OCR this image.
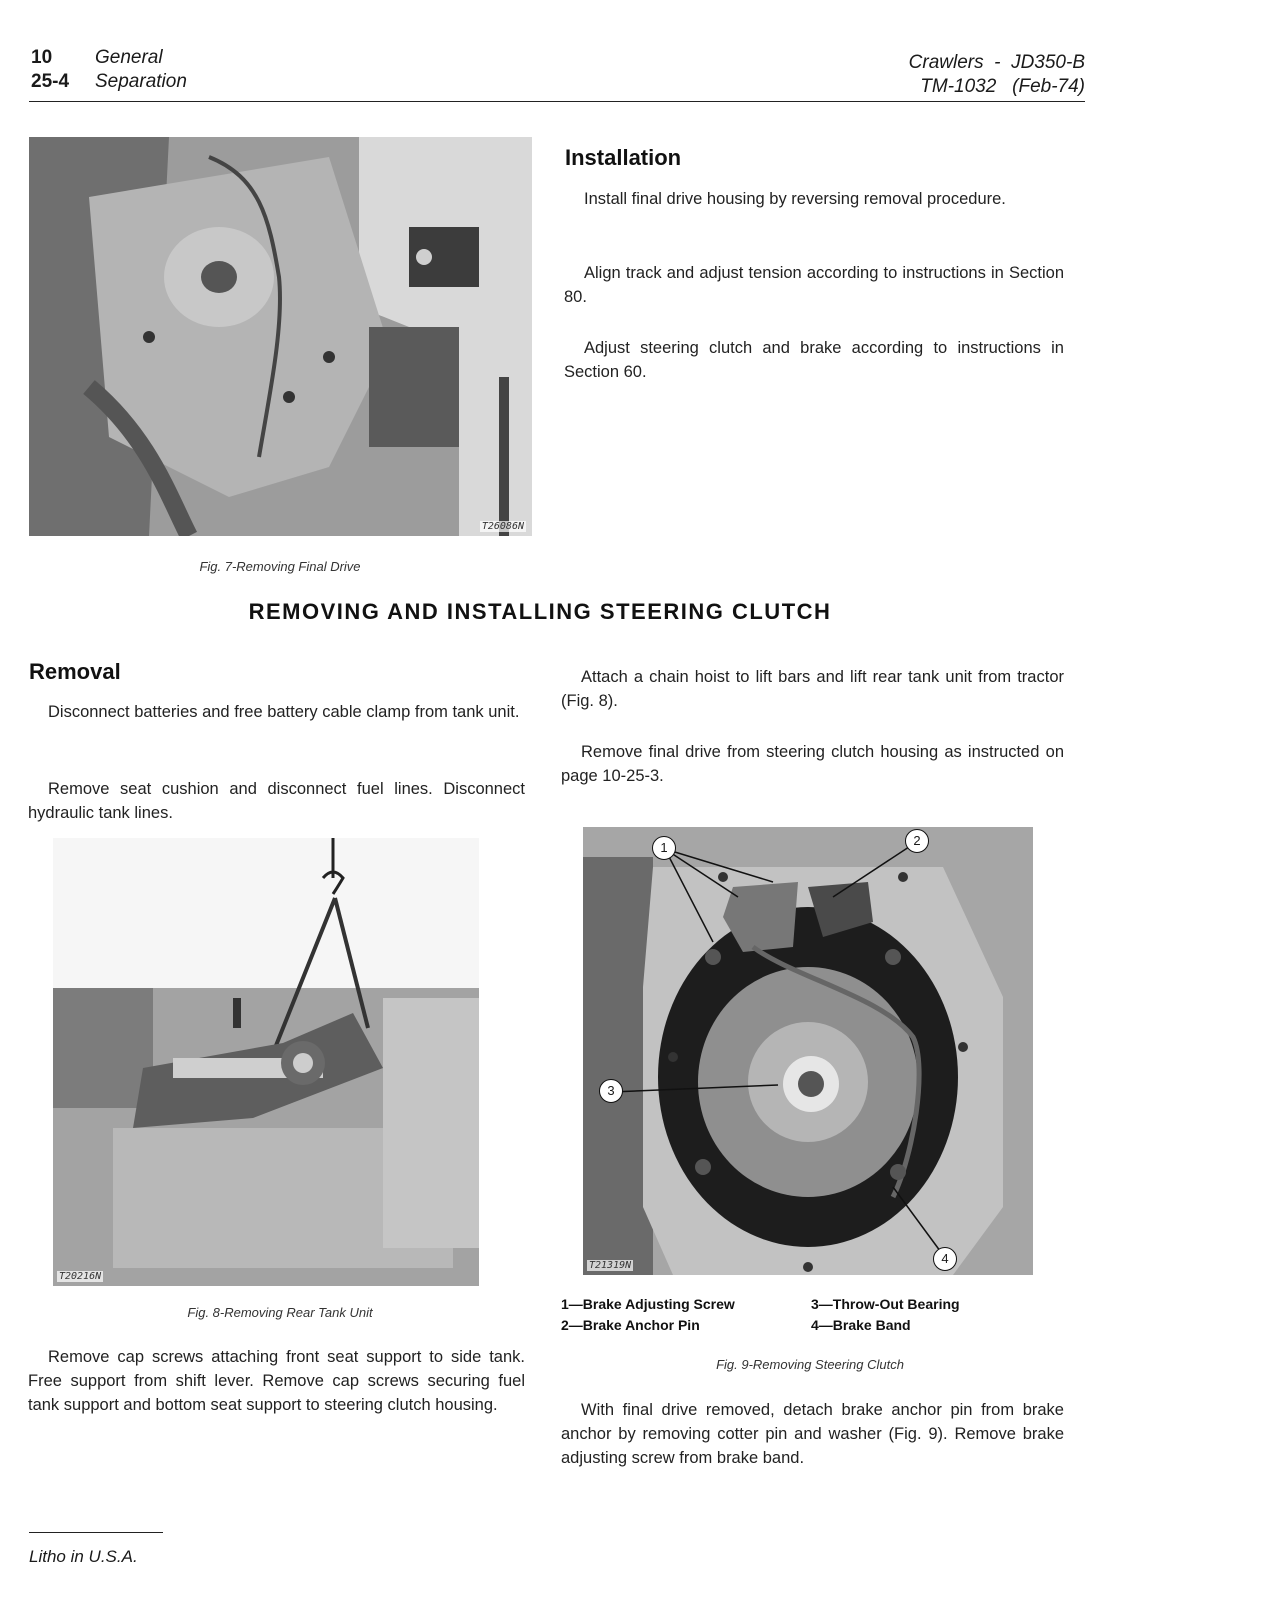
10 General
25-4 Separation
Crawlers  -  JD350-B
TM-1032   (Feb-74)
T26086N
Fig. 7-Removing Final Drive
Installation

Install final drive housing by reversing removal procedure.

Align track and adjust tension according to instructions in Section 80.

Adjust steering clutch and brake according to instructions in Section 60.

REMOVING AND INSTALLING STEERING CLUTCH
Removal

Disconnect batteries and free battery cable clamp from tank unit.

Remove seat cushion and disconnect fuel lines. Disconnect hydraulic tank lines.

T20216N
Fig. 8-Removing Rear Tank Unit

Remove cap screws attaching front seat support to side tank. Free support from shift lever. Remove cap screws securing fuel tank support and bottom seat support to steering clutch housing.

Attach a chain hoist to lift bars and lift rear tank unit from tractor (Fig. 8).

Remove final drive from steering clutch housing as instructed on page 10-25-3.

1	2
3
4
T21319N
1—Brake Adjusting Screw
2—Brake Anchor Pin
3—Throw-Out Bearing
4—Brake Band
Fig. 9-Removing Steering Clutch

With final drive removed, detach brake anchor pin from brake anchor by removing cotter pin and washer (Fig. 9). Remove brake adjusting screw from brake band.

Litho in U.S.A.
